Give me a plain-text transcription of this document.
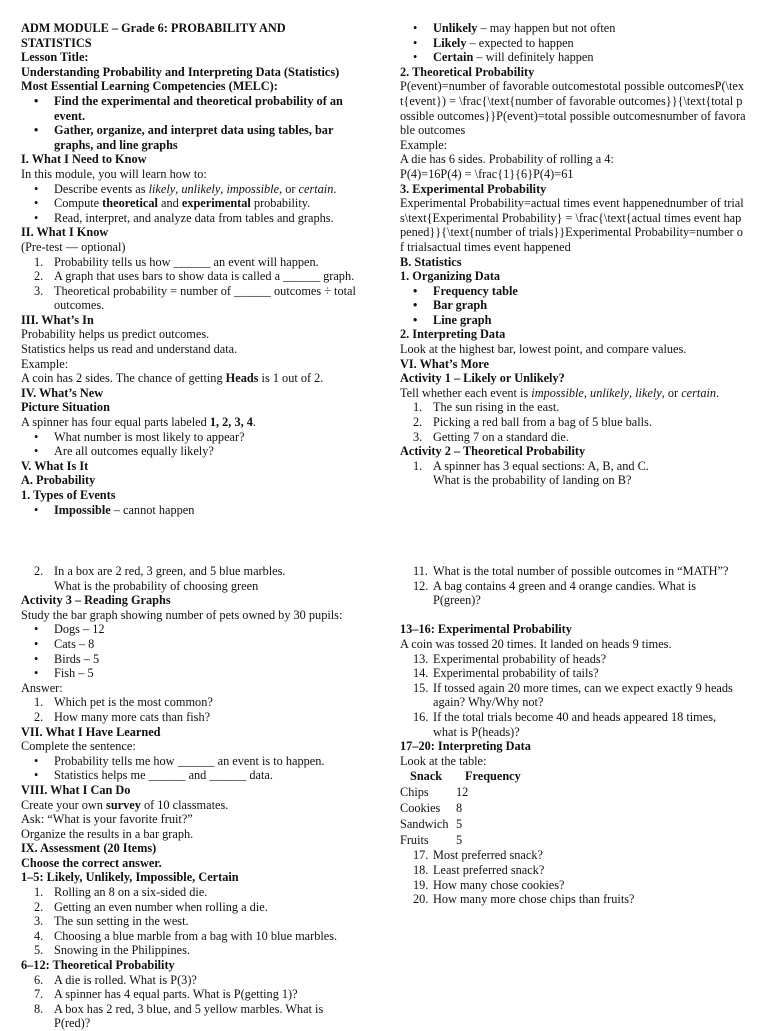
ADM MODULE – Grade 6: PROBABILITY AND
STATISTICS

Lesson Title:

Understanding Probability and Interpreting Data (Statistics)

Most Essential Learning Competencies (MELC):

• Find the experimental and theoretical probability of an event.
• Gather, organize, and interpret data using tables, bar graphs, and line graphs

I. What I Need to Know

In this module, you will learn how to:

• Describe events as likely, unlikely, impossible, or certain.
• Compute theoretical and experimental probability.
• Read, interpret, and analyze data from tables and graphs.

II. What I Know

(Pre-test — optional)

1. Probability tells us how ______ an event will happen.
2. A graph that uses bars to show data is called a ______ graph.
3. Theoretical probability = number of ______ outcomes ÷ total outcomes.

III. What’s In

Probability helps us predict outcomes.

Statistics helps us read and understand data.

Example:

A coin has 2 sides. The chance of getting Heads is 1 out of 2.

IV. What’s New

Picture Situation

A spinner has four equal parts labeled 1, 2, 3, 4.

• What number is most likely to appear?
• Are all outcomes equally likely?

V. What Is It

A. Probability

1. Types of Events

• Impossible – cannot happen
• Unlikely – may happen but not often
• Likely – expected to happen
• Certain – will definitely happen

2. Theoretical Probability

P(event)=number of favorable outcomestotal possible outcomesP(\text{event}) = \frac{\text{number of favorable outcomes}}{\text{total possible outcomes}}P(event)=total possible outcomesnumber of favorable outcomes

Example:

A die has 6 sides. Probability of rolling a 4:

P(4)=16P(4) = \frac{1}{6}P(4)=61

3. Experimental Probability

Experimental Probability=actual times event happenednumber of trials\text{Experimental Probability} = \frac{\text{actual times event happened}}{\text{number of trials}}Experimental Probability=number of trialsactual times event happened

B. Statistics

1. Organizing Data

• Frequency table
• Bar graph
• Line graph

2. Interpreting Data

Look at the highest bar, lowest point, and compare values.

VI. What’s More

Activity 1 – Likely or Unlikely?

Tell whether each event is impossible, unlikely, likely, or certain.

1. The sun rising in the east.
2. Picking a red ball from a bag of 5 blue balls.
3. Getting 7 on a standard die.

Activity 2 – Theoretical Probability

1. A spinner has 3 equal sections: A, B, and C.
What is the probability of landing on B?
2. In a box are 2 red, 3 green, and 5 blue marbles.
What is the probability of choosing green

Activity 3 – Reading Graphs

Study the bar graph showing number of pets owned by 30 pupils:

• Dogs – 12
• Cats – 8
• Birds – 5
• Fish – 5

Answer:

1. Which pet is the most common?
2. How many more cats than fish?

VII. What I Have Learned

Complete the sentence:

• Probability tells me how ______ an event is to happen.
• Statistics helps me ______ and ______ data.

VIII. What I Can Do

Create your own survey of 10 classmates.

Ask: “What is your favorite fruit?”

Organize the results in a bar graph.

IX. Assessment (20 Items)

Choose the correct answer.

1–5: Likely, Unlikely, Impossible, Certain

1. Rolling an 8 on a six-sided die.
2. Getting an even number when rolling a die.
3. The sun setting in the west.
4. Choosing a blue marble from a bag with 10 blue marbles.
5. Snowing in the Philippines.

6–12: Theoretical Probability

6. A die is rolled. What is P(3)?
7. A spinner has 4 equal parts. What is P(getting 1)?
8. A box has 2 red, 3 blue, and 5 yellow marbles. What is
P(red)?
11. What is the total number of possible outcomes in “MATH”?
12. A bag contains 4 green and 4 orange candies. What is
P(green)?

13–16: Experimental Probability

A coin was tossed 20 times. It landed on heads 9 times.

13. Experimental probability of heads?
14. Experimental probability of tails?
15. If tossed again 20 more times, can we expect exactly 9 heads
again? Why/Why not?
16. If the total trials become 40 and heads appeared 18 times,
what is P(heads)?

17–20: Interpreting Data

Look at the table:

Snack	Frequency
Chips	12
Cookies	8
Sandwich	5
Fruits	5
17. Most preferred snack?
18. Least preferred snack?
19. How many chose cookies?
20. How many more chose chips than fruits?
